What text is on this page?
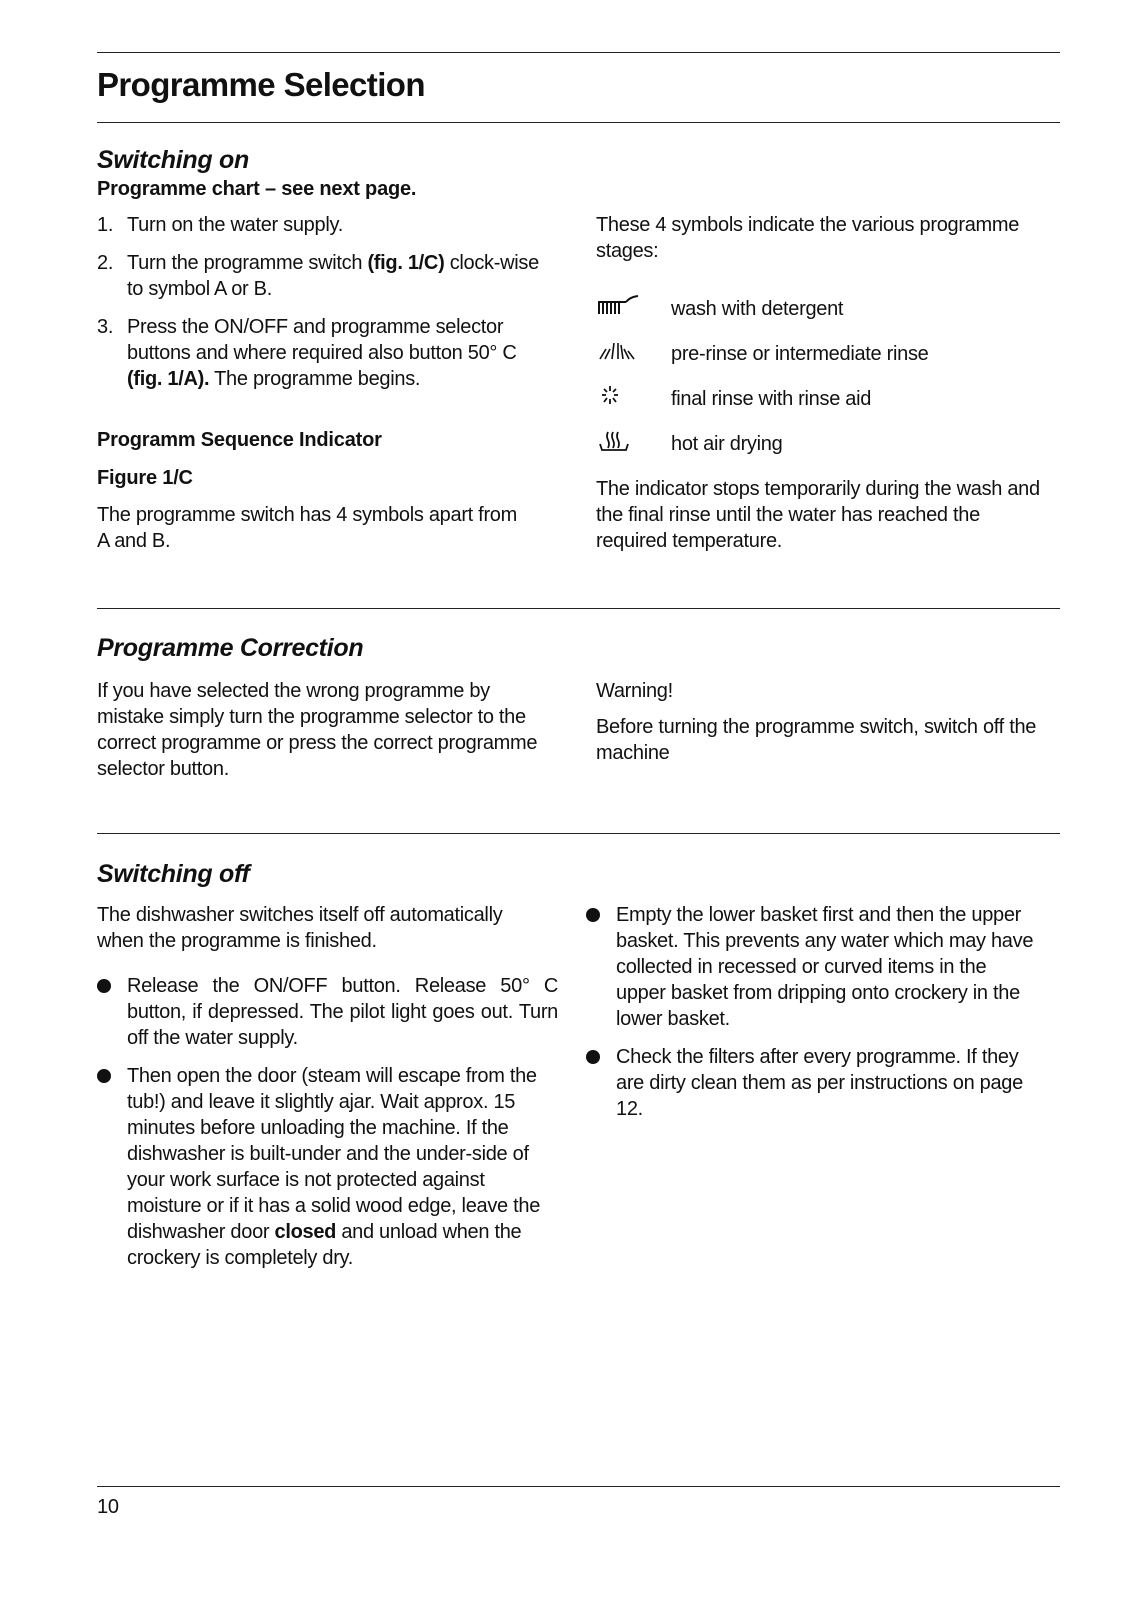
Programme Selection
Switching on
Programme chart – see next page.
1. Turn on the water supply.
2. Turn the programme switch (fig. 1/C) clock-wise to symbol A or B.
3. Press the ON/OFF and programme selector buttons and where required also button 50° C (fig. 1/A). The programme begins.
Programm Sequence Indicator
Figure 1/C
The programme switch has 4 symbols apart from A and B.
These 4 symbols indicate the various programme stages:
wash with detergent
pre-rinse or intermediate rinse
final rinse with rinse aid
hot air drying
The indicator stops temporarily during the wash and the final rinse until the water has reached the required temperature.
Programme Correction
If you have selected the wrong programme by mistake simply turn the programme selector to the correct programme or press the correct programme selector button.
Warning!
Before turning the programme switch, switch off the machine
Switching off
The dishwasher switches itself off automatically when the programme is finished.
Release the ON/OFF button. Release 50° C button, if depressed. The pilot light goes out. Turn off the water supply.
Then open the door (steam will escape from the tub!) and leave it slightly ajar. Wait approx. 15 minutes before unloading the machine. If the dishwasher is built-under and the under-side of your work surface is not protected against moisture or if it has a solid wood edge, leave the dishwasher door closed and unload when the crockery is completely dry.
Empty the lower basket first and then the upper basket. This prevents any water which may have collected in recessed or curved items in the upper basket from dripping onto crockery in the lower basket.
Check the filters after every programme. If they are dirty clean them as per instructions on page 12.
10
